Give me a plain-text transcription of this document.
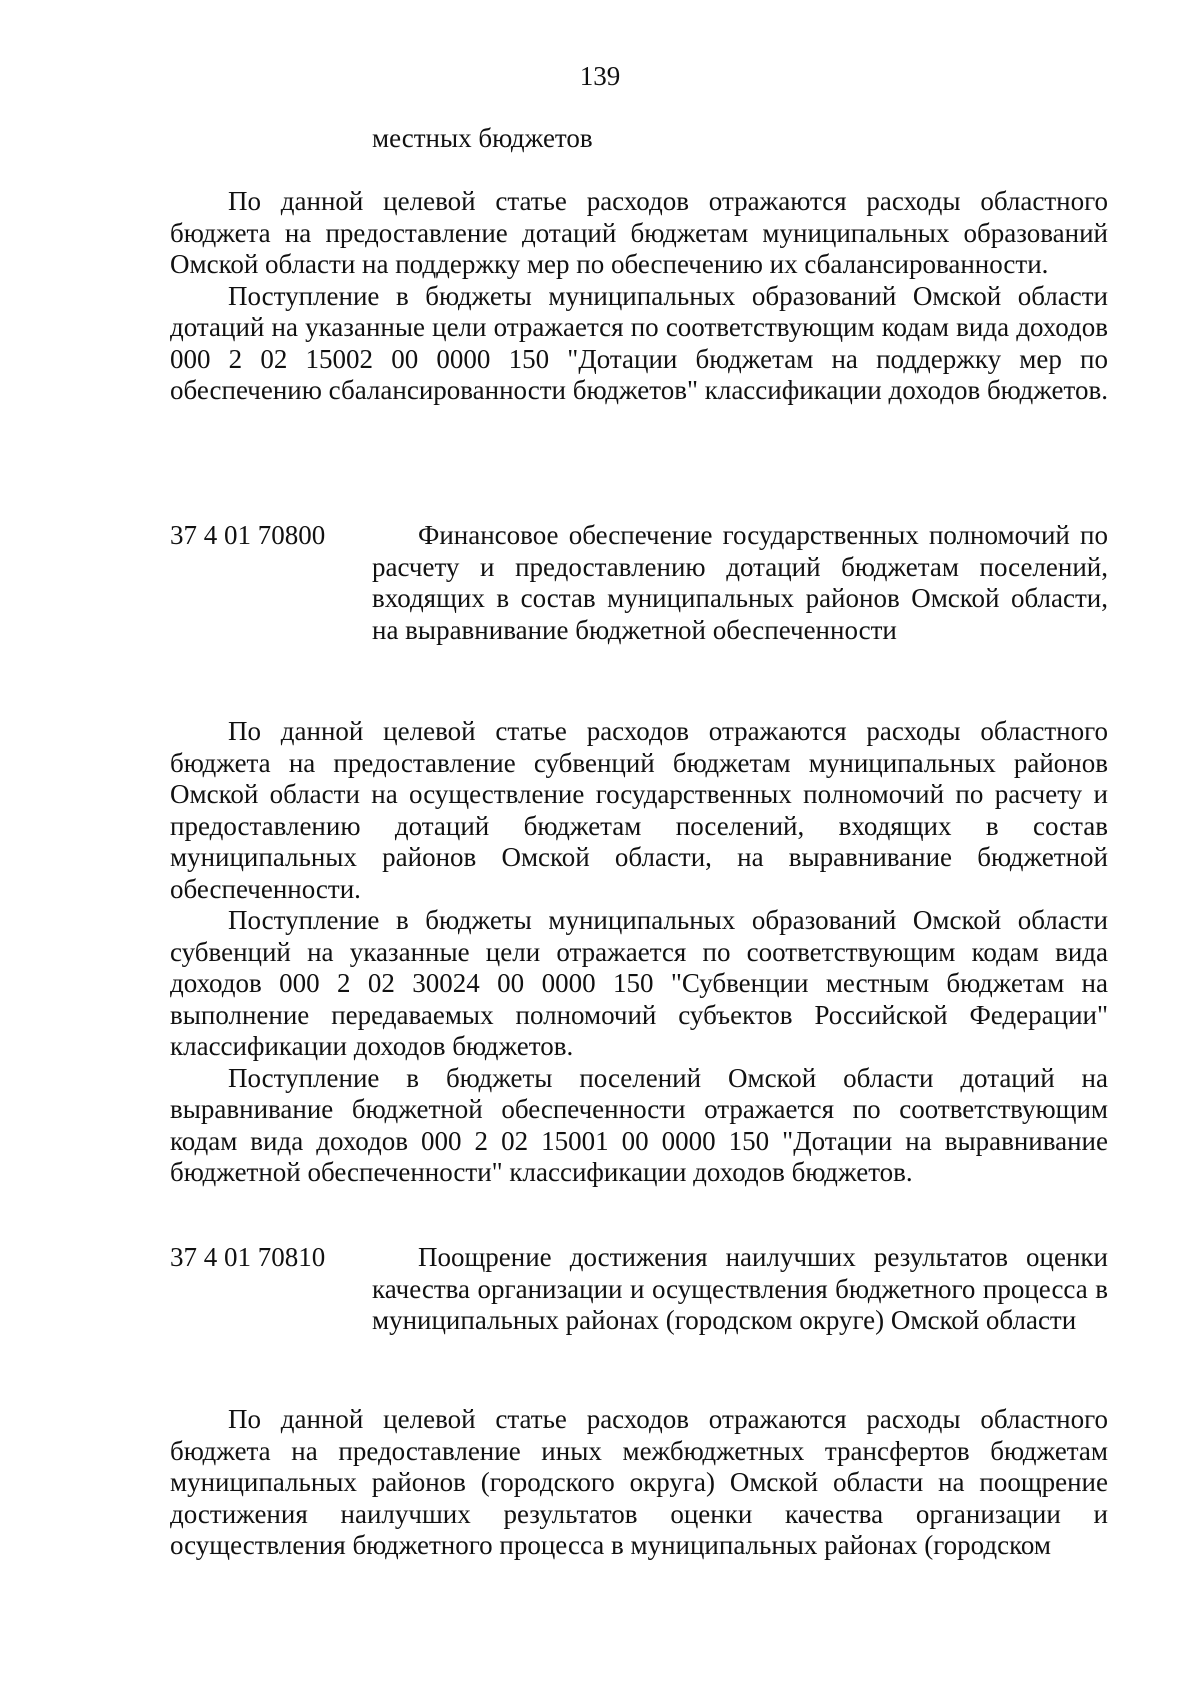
139
местных бюджетов

По данной целевой статье расходов отражаются расходы областного бюджета на предоставление дотаций бюджетам муниципальных образований Омской области на поддержку мер по обеспечению их сбалансированности.

Поступление в бюджеты муниципальных образований Омской области дотаций на указанные цели отражается по соответствующим кодам вида доходов 000 2 02 15002 00 0000 150 "Дотации бюджетам на поддержку мер по обеспечению сбалансированности бюджетов" классификации доходов бюджетов.

37 4 01 70800	Финансовое обеспечение государственных полномочий по расчету и предоставлению дотаций бюджетам поселений, входящих в состав муниципальных районов Омской области, на выравнивание бюджетной обеспеченности

По данной целевой статье расходов отражаются расходы областного бюджета на предоставление субвенций бюджетам муниципальных районов Омской области на осуществление государственных полномочий по расчету и предоставлению дотаций бюджетам поселений, входящих в состав муниципальных районов Омской области, на выравнивание бюджетной обеспеченности.

Поступление в бюджеты муниципальных образований Омской области субвенций на указанные цели отражается по соответствующим кодам вида доходов 000 2 02 30024 00 0000 150 "Субвенции местным бюджетам на выполнение передаваемых полномочий субъектов Российской Федерации" классификации доходов бюджетов.

Поступление в бюджеты поселений Омской области дотаций на выравнивание бюджетной обеспеченности отражается по соответствующим кодам вида доходов 000 2 02 15001 00 0000 150 "Дотации на выравнивание бюджетной обеспеченности" классификации доходов бюджетов.

37 4 01 70810	Поощрение достижения наилучших результатов оценки качества организации и осуществления бюджетного процесса в муниципальных районах (городском округе) Омской области

По данной целевой статье расходов отражаются расходы областного бюджета на предоставление иных межбюджетных трансфертов бюджетам муниципальных районов (городского округа) Омской области на поощрение достижения наилучших результатов оценки качества организации и осуществления бюджетного процесса в муниципальных районах (городском
